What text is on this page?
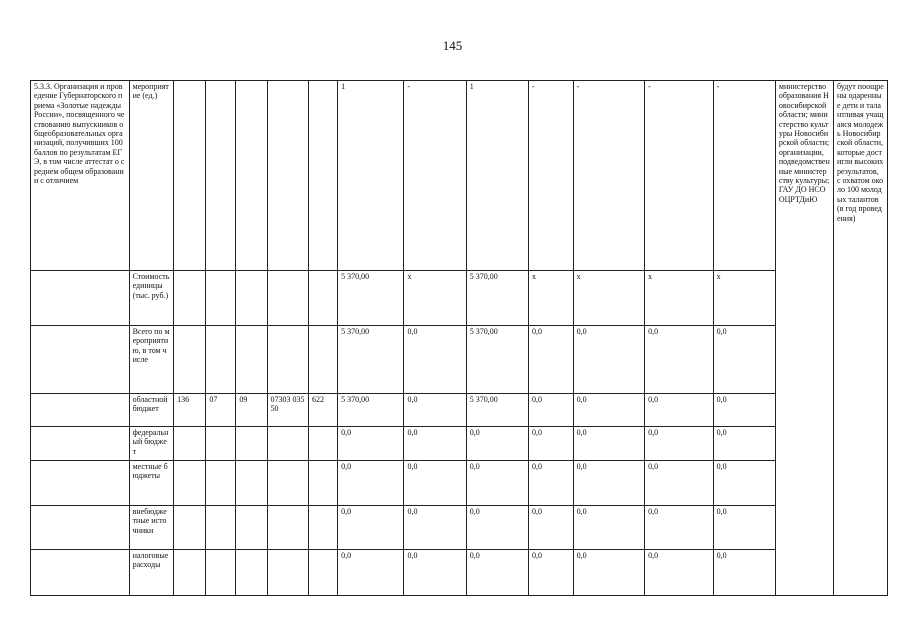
145
5.3.3. Организация и проведение Губернаторского приема «Золотые надежды России», посвященного чествованию выпускников общеобразовательных организаций, получивших 100 баллов по результатам ЕГЭ, в том числе аттестат о среднем общем образовании с отличием	мероприятие (ед.)						1	-	1	-	-	-	-	министерство образования Новосибирской области; министерство культуры Новосибирской области; организации, подведомственные министерству культуры; ГАУ ДО НСО ОЦРТДиЮ	будут поощрены одаренные дети и талантливая учащаяся молодежь Новосибирской области, которые достигли высоких результатов, с охватом около 100 молодых талантов (в год проведения)
	Стоимость единицы (тыс. руб.)						5 370,00	x	5 370,00	x	x	x	x		
	Всего по мероприятию, в том числе						5 370,00	0,0	5 370,00	0,0	0,0	0,0	0,0		
	областной бюджет	136	07	09	07303 03550	622	5 370,00	0,0	5 370,00	0,0	0,0	0,0	0,0		
	федеральный бюджет						0,0	0,0	0,0	0,0	0,0	0,0	0,0		
	местные бюджеты						0,0	0,0	0,0	0,0	0,0	0,0	0,0		
	внебюджетные источники						0,0	0,0	0,0	0,0	0,0	0,0	0,0		
	налоговые расходы						0,0	0,0	0,0	0,0	0,0	0,0	0,0		
